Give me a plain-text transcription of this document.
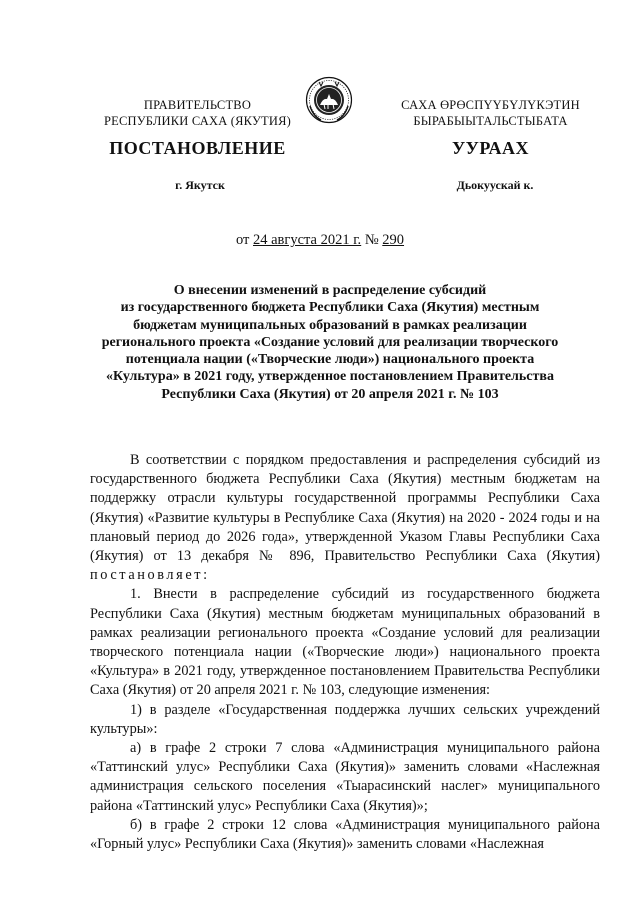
ПРАВИТЕЛЬСТВО
РЕСПУБЛИКИ САХА (ЯКУТИЯ)
САХА ӨРӨСПҮҮБҮЛҮКЭТИН
БЫРАБЫЫТАЛЬСТЫБАТА
ПОСТАНОВЛЕНИЕ	УУРААХ
г. Якутск	Дьокуускай к.
от 24 августа 2021 г. № 290
О внесении изменений в распределение субсидий
из государственного бюджета Республики Саха (Якутия) местным
бюджетам муниципальных образований в рамках реализации
регионального проекта «Создание условий для реализации творческого
потенциала нации («Творческие люди») национального проекта
«Культура» в 2021 году, утвержденное постановлением Правительства
Республики Саха (Якутия) от 20 апреля 2021 г. № 103

В соответствии с порядком предоставления и распределения субсидий из государственного бюджета Республики Саха (Якутия) местным бюджетам на поддержку отрасли культуры государственной программы Республики Саха (Якутия) «Развитие культуры в Республике Саха (Якутия) на 2020 - 2024 годы и на плановый период до 2026 года», утвержденной Указом Главы Республики Саха (Якутия) от 13 декабря № 896, Правительство Республики Саха (Якутия) постановляет:

1. Внести в распределение субсидий из государственного бюджета Республики Саха (Якутия) местным бюджетам муниципальных образований в рамках реализации регионального проекта «Создание условий для реализации творческого потенциала нации («Творческие люди») национального проекта «Культура» в 2021 году, утвержденное постановлением Правительства Республики Саха (Якутия) от 20 апреля 2021 г. № 103, следующие изменения:

1) в разделе «Государственная поддержка лучших сельских учреждений культуры»:

а) в графе 2 строки 7 слова «Администрация муниципального района «Таттинский улус» Республики Саха (Якутия)» заменить словами «Наслежная администрация сельского поселения «Тыарасинский наслег» муниципального района «Таттинский улус» Республики Саха (Якутия)»;

б) в графе 2 строки 12 слова «Администрация муниципального района «Горный улус» Республики Саха (Якутия)» заменить словами «Наслежная
